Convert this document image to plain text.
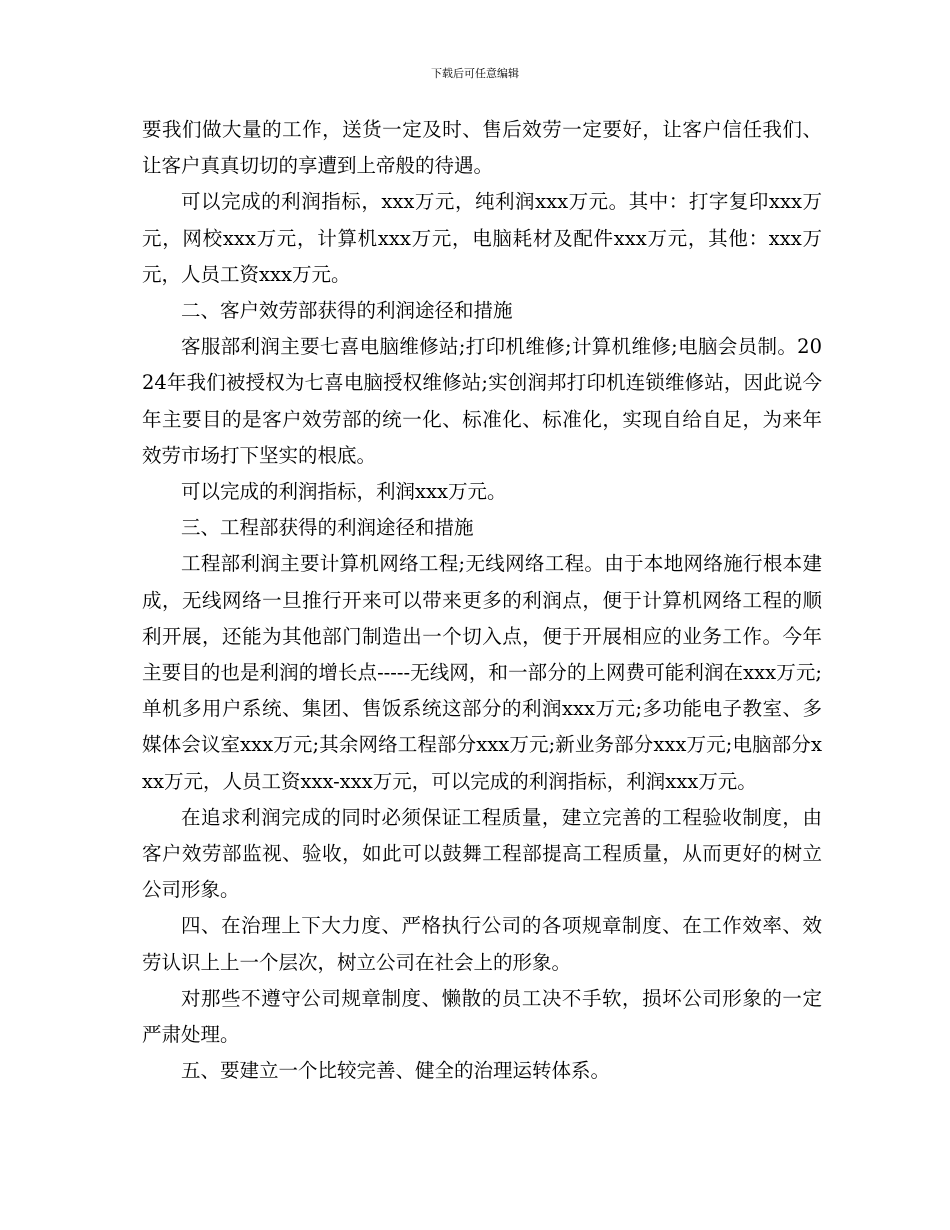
下载后可任意编辑

要我们做大量的工作，送货一定及时、售后效劳一定要好，让客户信任我们、让客户真真切切的享遭到上帝般的待遇。

可以完成的利润指标，xxx万元，纯利润xxx万元。其中：打字复印xxx万元，网校xxx万元，计算机xxx万元，电脑耗材及配件xxx万元，其他：xxx万元，人员工资xxx万元。

二、客户效劳部获得的利润途径和措施

客服部利润主要七喜电脑维修站;打印机维修;计算机维修;电脑会员制。2024年我们被授权为七喜电脑授权维修站;实创润邦打印机连锁维修站，因此说今年主要目的是客户效劳部的统一化、标准化、标准化，实现自给自足，为来年效劳市场打下坚实的根底。

可以完成的利润指标，利润xxx万元。

三、工程部获得的利润途径和措施

工程部利润主要计算机网络工程;无线网络工程。由于本地网络施行根本建成，无线网络一旦推行开来可以带来更多的利润点，便于计算机网络工程的顺利开展，还能为其他部门制造出一个切入点，便于开展相应的业务工作。今年主要目的也是利润的增长点-----无线网，和一部分的上网费可能利润在xxx万元;单机多用户系统、集团、售饭系统这部分的利润xxx万元;多功能电子教室、多媒体会议室xxx万元;其余网络工程部分xxx万元;新业务部分xxx万元;电脑部分xxx万元，人员工资xxx-xxx万元，可以完成的利润指标，利润xxx万元。

在追求利润完成的同时必须保证工程质量，建立完善的工程验收制度，由客户效劳部监视、验收，如此可以鼓舞工程部提高工程质量，从而更好的树立公司形象。

四、在治理上下大力度、严格执行公司的各项规章制度、在工作效率、效劳认识上上一个层次，树立公司在社会上的形象。

对那些不遵守公司规章制度、懒散的员工决不手软，损坏公司形象的一定严肃处理。

五、要建立一个比较完善、健全的治理运转体系。
